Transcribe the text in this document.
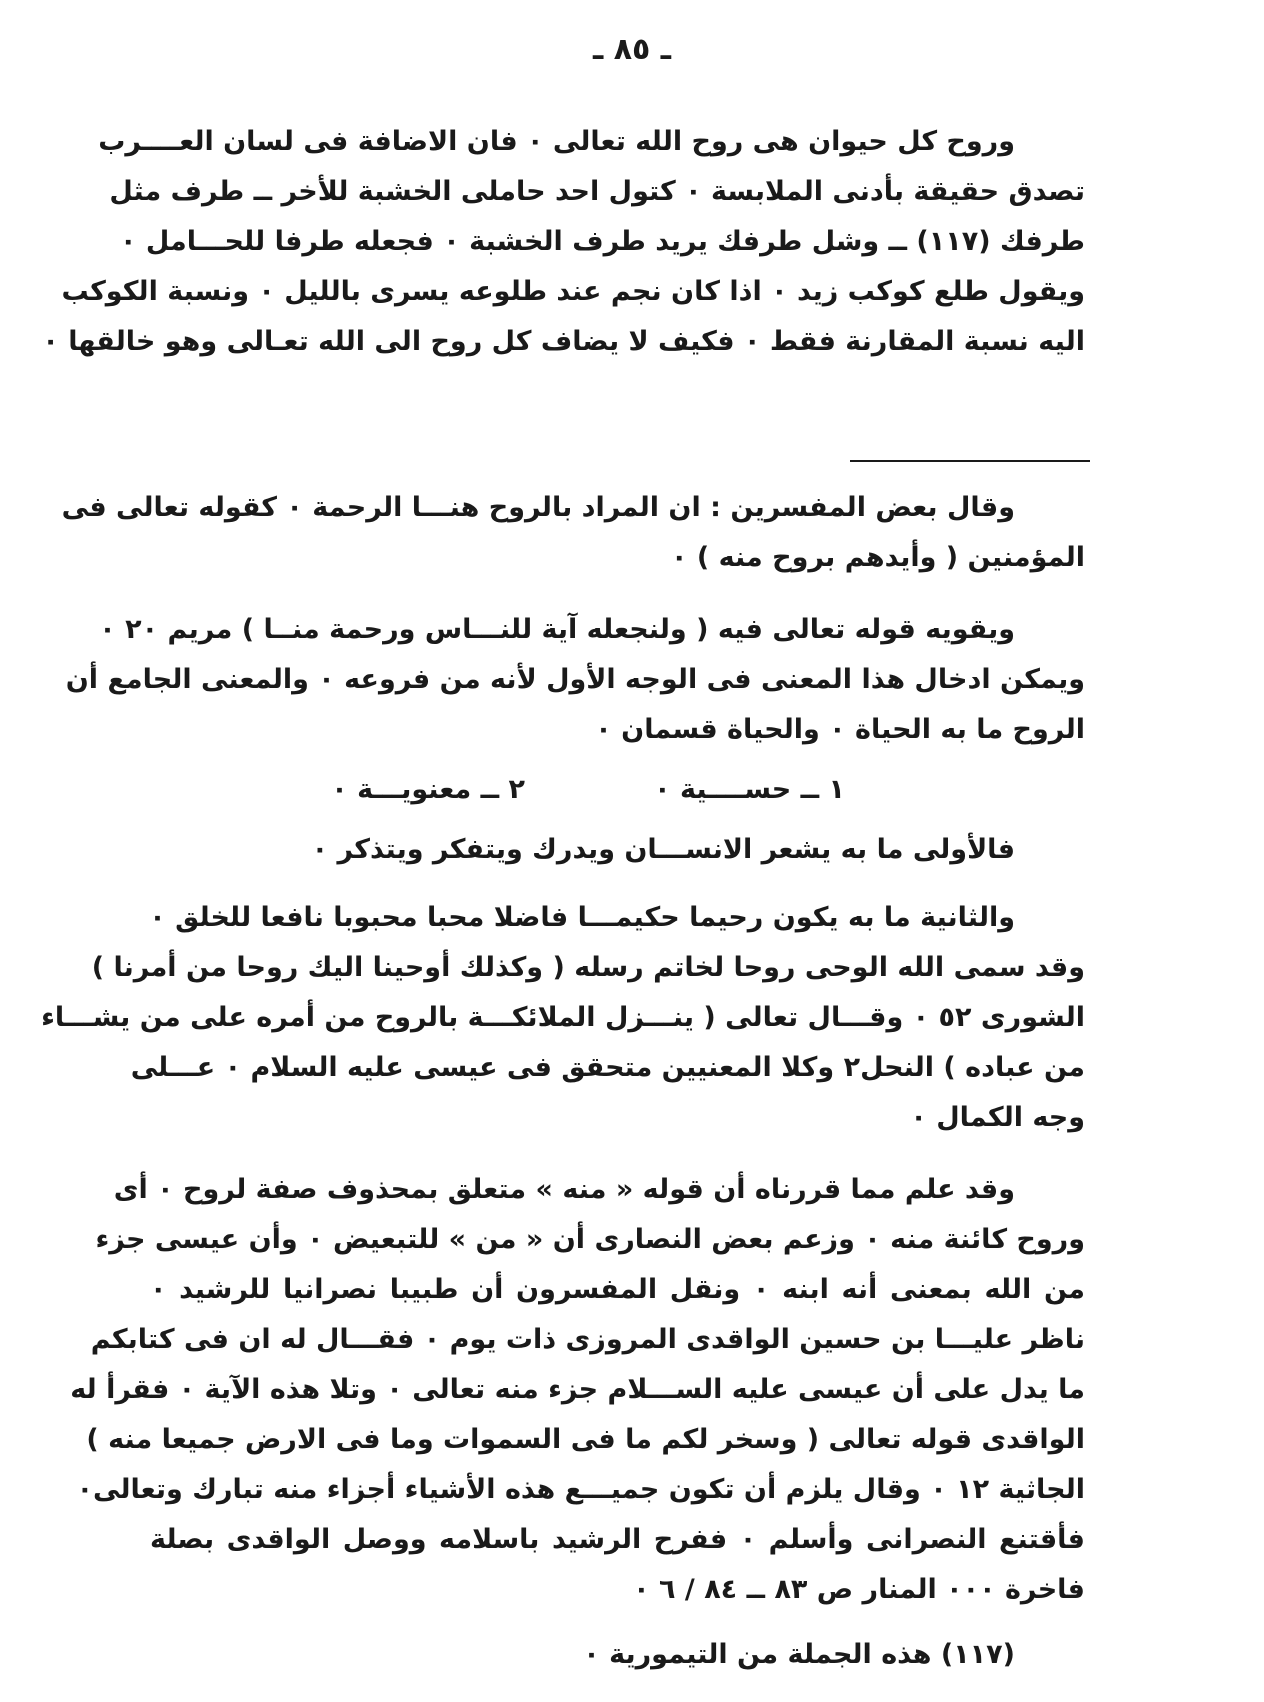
ـ ٨٥ ـ
وروح كل حيوان هى روح الله تعالى ٠ فان الاضافة فى لسان العــــرب
تصدق حقيقة بأدنى الملابسة ٠ كتول احد حاملى الخشبة للأخر ــ طرف مثل
طرفك (١١٧) ــ وشل طرفك يريد طرف الخشبة ٠ فجعله طرفا للحـــامل ٠
ويقول طلع كوكب زيد ٠ اذا كان نجم عند طلوعه يسرى بالليل ٠ ونسبة الكوكب
اليه نسبة المقارنة فقط ٠ فكيف لا يضاف كل روح الى الله تعـالى وهو خالقها ٠
وقال بعض المفسرين : ان المراد بالروح هنـــا الرحمة ٠ كقوله تعالى فى
المؤمنين ( وأيدهم بروح منه ) ٠
ويقويه قوله تعالى فيه ( ولنجعله آية للنـــاس ورحمة منــا ) مريم ٢٠ ٠
ويمكن ادخال هذا المعنى فى الوجه الأول لأنه من فروعه ٠ والمعنى الجامع أن
الروح ما به الحياة ٠ والحياة قسمان ٠
١ ــ حســــية ٠
٢ ــ معنويـــة ٠
فالأولى ما به يشعر الانســـان ويدرك ويتفكر ويتذكر ٠
والثانية ما به يكون رحيما حكيمـــا فاضلا محبا محبوبا نافعا للخلق ٠
وقد سمى الله الوحى روحا لخاتم رسله ( وكذلك أوحينا اليك روحا من أمرنا )
الشورى ٥٢ ٠ وقـــال تعالى ( ينـــزل الملائكـــة بالروح من أمره على من يشـــاء
من عباده ) النحل٢ وكلا المعنيين متحقق فى عيسى عليه السلام ٠ عـــلى
وجه الكمال ٠
وقد علم مما قررناه أن قوله « منه » متعلق بمحذوف صفة لروح ٠ أى
وروح كائنة منه ٠ وزعم بعض النصارى أن « من » للتبعيض ٠ وأن عيسى جزء
من الله بمعنى أنه ابنه ٠ ونقل المفسرون أن طبيبا نصرانيا للرشيد ٠
ناظر عليـــا بن حسين الواقدى المروزى ذات يوم ٠ فقـــال له ان فى كتابكم
ما يدل على أن عيسى عليه الســـلام جزء منه تعالى ٠ وتلا هذه الآية ٠ فقرأ له
الواقدى قوله تعالى ( وسخر لكم ما فى السموات وما فى الارض جميعا منه )
الجاثية ١٢ ٠ وقال يلزم أن تكون جميـــع هذه الأشياء أجزاء منه تبارك وتعالى٠
فأقتنع النصرانى وأسلم ٠ ففرح الرشيد باسلامه ووصل الواقدى بصلة
فاخرة ٠٠٠ المنار ص ٨٣ ــ ٨٤ / ٦ ٠
(١١٧) هذه الجملة من التيمورية ٠
